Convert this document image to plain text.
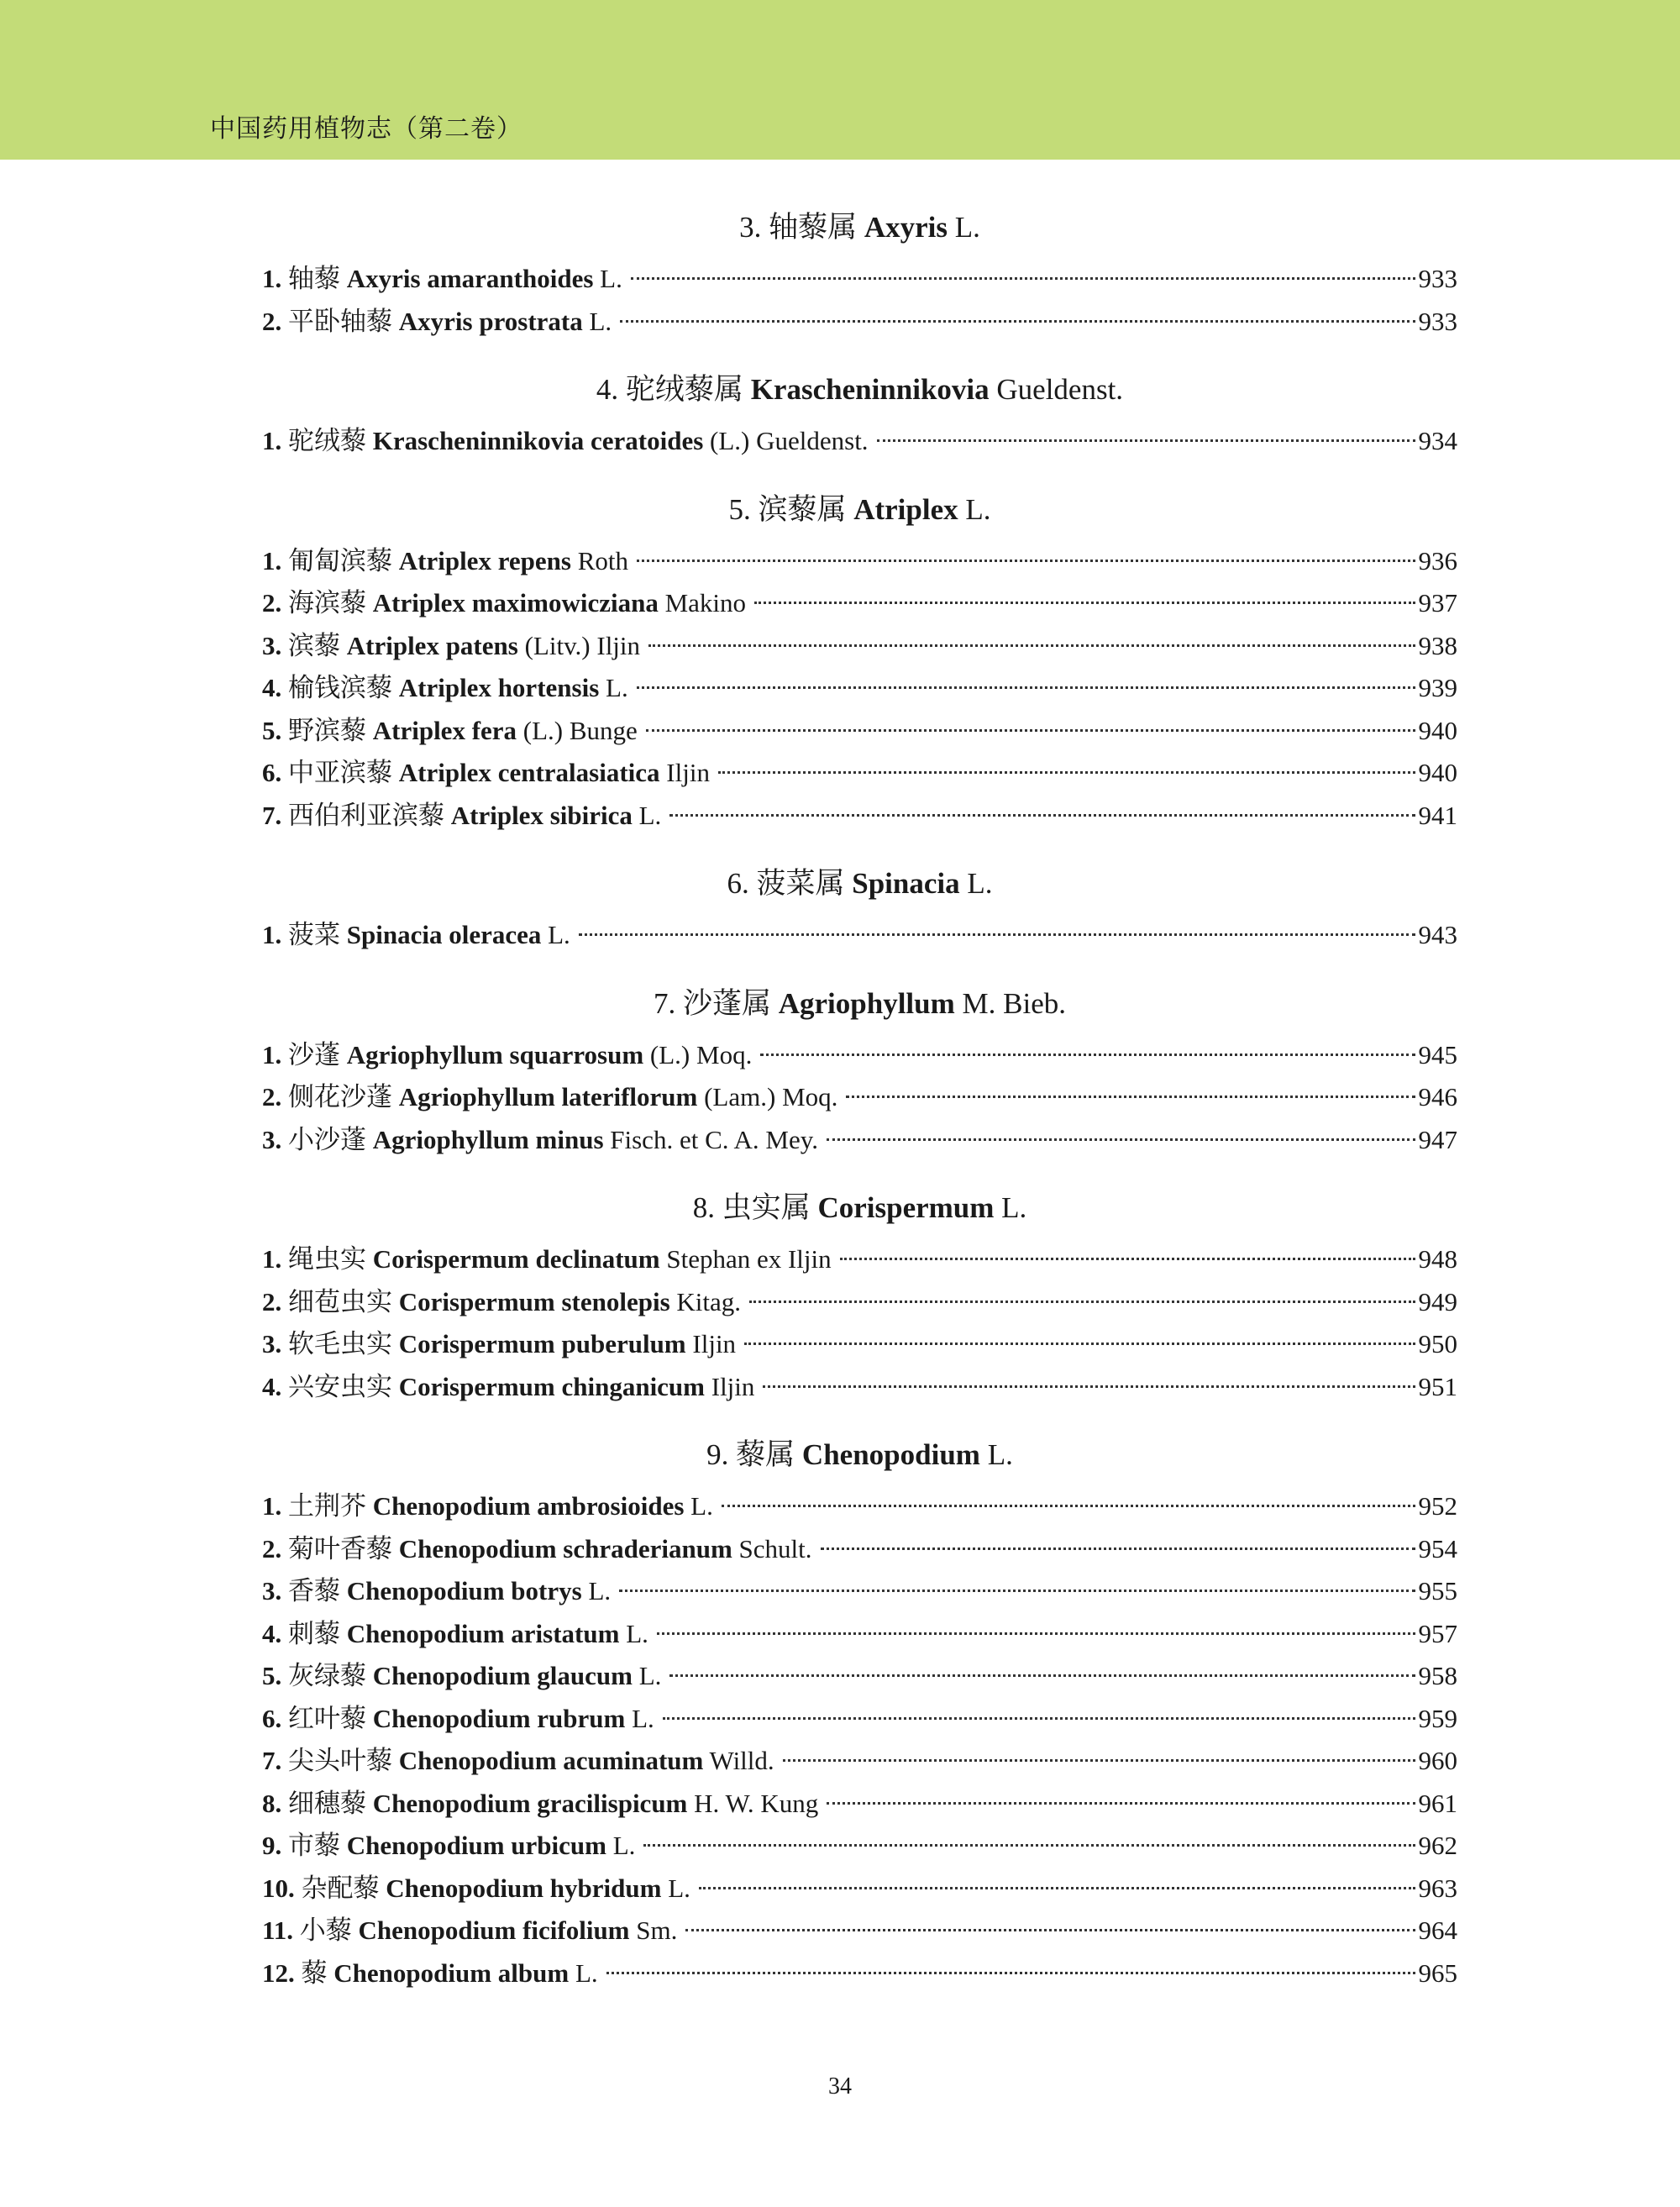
中国药用植物志（第二卷）
3. 轴藜属 Axyris L.
1. 轴藜 Axyris amaranthoides L.	933
2. 平卧轴藜 Axyris prostrata L.	933
4. 驼绒藜属 Krascheninnikovia Gueldenst.
1. 驼绒藜 Krascheninnikovia ceratoides (L.) Gueldenst.	934
5. 滨藜属 Atriplex L.
1. 匍匐滨藜 Atriplex repens Roth	936
2. 海滨藜 Atriplex maximowicziana Makino	937
3. 滨藜 Atriplex patens (Litv.) Iljin	938
4. 榆钱滨藜 Atriplex hortensis L.	939
5. 野滨藜 Atriplex fera (L.) Bunge	940
6. 中亚滨藜 Atriplex centralasiatica Iljin	940
7. 西伯利亚滨藜 Atriplex sibirica L.	941
6. 菠菜属 Spinacia L.
1. 菠菜 Spinacia oleracea L.	943
7. 沙蓬属 Agriophyllum M. Bieb.
1. 沙蓬 Agriophyllum squarrosum (L.) Moq.	945
2. 侧花沙蓬 Agriophyllum lateriflorum (Lam.) Moq.	946
3. 小沙蓬 Agriophyllum minus Fisch. et C. A. Mey.	947
8. 虫实属 Corispermum L.
1. 绳虫实 Corispermum declinatum Stephan ex Iljin	948
2. 细苞虫实 Corispermum stenolepis Kitag.	949
3. 软毛虫实 Corispermum puberulum Iljin	950
4. 兴安虫实 Corispermum chinganicum Iljin	951
9. 藜属 Chenopodium L.
1. 土荆芥 Chenopodium ambrosioides L.	952
2. 菊叶香藜 Chenopodium schraderianum Schult.	954
3. 香藜 Chenopodium botrys L.	955
4. 刺藜 Chenopodium aristatum L.	957
5. 灰绿藜 Chenopodium glaucum L.	958
6. 红叶藜 Chenopodium rubrum L.	959
7. 尖头叶藜 Chenopodium acuminatum Willd.	960
8. 细穗藜 Chenopodium gracilispicum H. W. Kung	961
9. 市藜 Chenopodium urbicum L.	962
10. 杂配藜 Chenopodium hybridum L.	963
11. 小藜 Chenopodium ficifolium Sm.	964
12. 藜 Chenopodium album L.	965
34
